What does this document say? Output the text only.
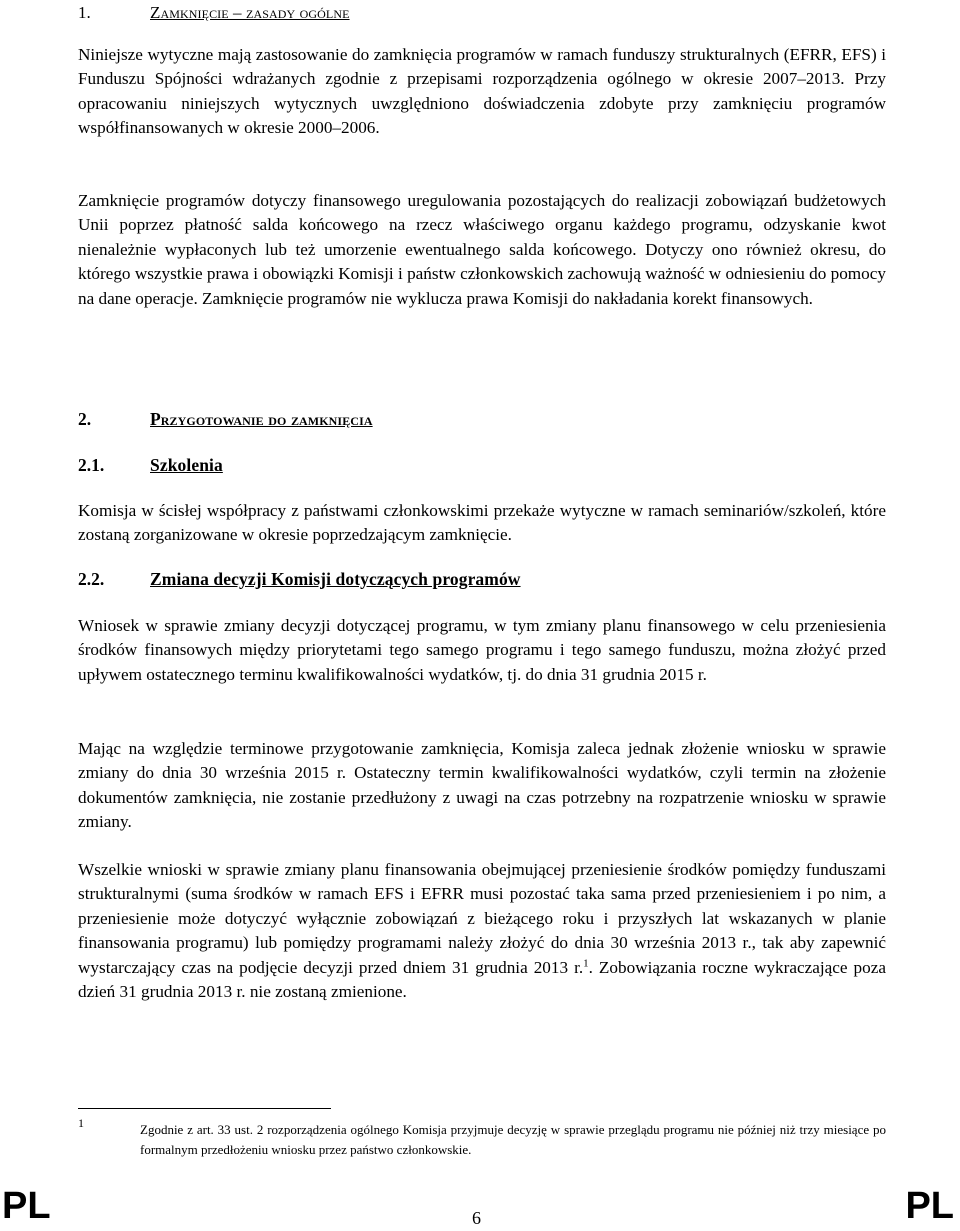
1.	Zamknięcie – zasady ogólne

Niniejsze wytyczne mają zastosowanie do zamknięcia programów w ramach funduszy strukturalnych (EFRR, EFS) i Funduszu Spójności wdrażanych zgodnie z przepisami rozporządzenia ogólnego w okresie 2007–2013. Przy opracowaniu niniejszych wytycznych uwzględniono doświadczenia zdobyte przy zamknięciu programów współfinansowanych w okresie 2000–2006.

Zamknięcie programów dotyczy finansowego uregulowania pozostających do realizacji zobowiązań budżetowych Unii poprzez płatność salda końcowego na rzecz właściwego organu każdego programu, odzyskanie kwot nienależnie wypłaconych lub też umorzenie ewentualnego salda końcowego. Dotyczy ono również okresu, do którego wszystkie prawa i obowiązki Komisji i państw członkowskich zachowują ważność w odniesieniu do pomocy na dane operacje. Zamknięcie programów nie wyklucza prawa Komisji do nakładania korekt finansowych.

2.	Przygotowanie do zamknięcia
2.1.	Szkolenia

Komisja w ścisłej współpracy z państwami członkowskimi przekaże wytyczne w ramach seminariów/szkoleń, które zostaną zorganizowane w okresie poprzedzającym zamknięcie.

2.2.	Zmiana decyzji Komisji dotyczących programów

Wniosek w sprawie zmiany decyzji dotyczącej programu, w tym zmiany planu finansowego w celu przeniesienia środków finansowych między priorytetami tego samego programu i tego samego funduszu, można złożyć przed upływem ostatecznego terminu kwalifikowalności wydatków, tj. do dnia 31 grudnia 2015 r.

Mając na względzie terminowe przygotowanie zamknięcia, Komisja zaleca jednak złożenie wniosku w sprawie zmiany do dnia 30 września 2015 r. Ostateczny termin kwalifikowalności wydatków, czyli termin na złożenie dokumentów zamknięcia, nie zostanie przedłużony z uwagi na czas potrzebny na rozpatrzenie wniosku w sprawie zmiany.

Wszelkie wnioski w sprawie zmiany planu finansowania obejmującej przeniesienie środków pomiędzy funduszami strukturalnymi (suma środków w ramach EFS i EFRR musi pozostać taka sama przed przeniesieniem i po nim, a przeniesienie może dotyczyć wyłącznie zobowiązań z bieżącego roku i przyszłych lat wskazanych w planie finansowania programu) lub pomiędzy programami należy złożyć do dnia 30 września 2013 r., tak aby zapewnić wystarczający czas na podjęcie decyzji przed dniem 31 grudnia 2013 r.$^1$. Zobowiązania roczne wykraczające poza dzień 31 grudnia 2013 r. nie zostaną zmienione.

1	Zgodnie z art. 33 ust. 2 rozporządzenia ogólnego Komisja przyjmuje decyzję w sprawie przeglądu programu nie później niż trzy miesiące po formalnym przedłożeniu wniosku przez państwo członkowskie.

PL	6	PL
